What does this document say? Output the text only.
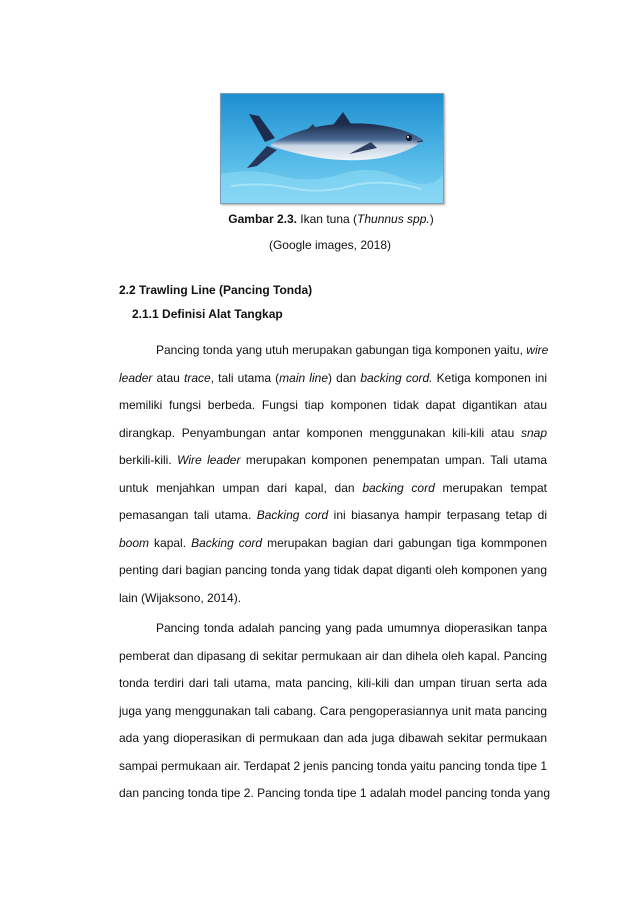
Gambar 2.3. Ikan tuna (Thunnus spp.)
(Google images, 2018)
2.2 Trawling Line (Pancing Tonda)
2.1.1 Definisi Alat Tangkap
Pancing tonda yang utuh merupakan gabungan tiga komponen yaitu, wire
leader atau trace, tali utama (main line) dan backing cord. Ketiga komponen ini
memiliki fungsi berbeda. Fungsi tiap komponen tidak dapat digantikan atau
dirangkap. Penyambungan antar komponen menggunakan kili-kili atau snap
berkili-kili. Wire leader merupakan komponen penempatan umpan. Tali utama
untuk menjahkan umpan dari kapal, dan backing cord merupakan tempat
pemasangan tali utama. Backing cord ini biasanya hampir terpasang tetap di
boom kapal. Backing cord merupakan bagian dari gabungan tiga kommponen
penting dari bagian pancing tonda yang tidak dapat diganti oleh komponen yang
lain (Wijaksono, 2014).
Pancing tonda adalah pancing yang pada umumnya dioperasikan tanpa
pemberat dan dipasang di sekitar permukaan air dan dihela oleh kapal. Pancing
tonda terdiri dari tali utama, mata pancing, kili-kili dan umpan tiruan serta ada
juga yang menggunakan tali cabang. Cara pengoperasiannya unit mata pancing
ada yang dioperasikan di permukaan dan ada juga dibawah sekitar permukaan
sampai permukaan air. Terdapat 2 jenis pancing tonda yaitu pancing tonda tipe 1
dan pancing tonda tipe 2. Pancing tonda tipe 1 adalah model pancing tonda yang
